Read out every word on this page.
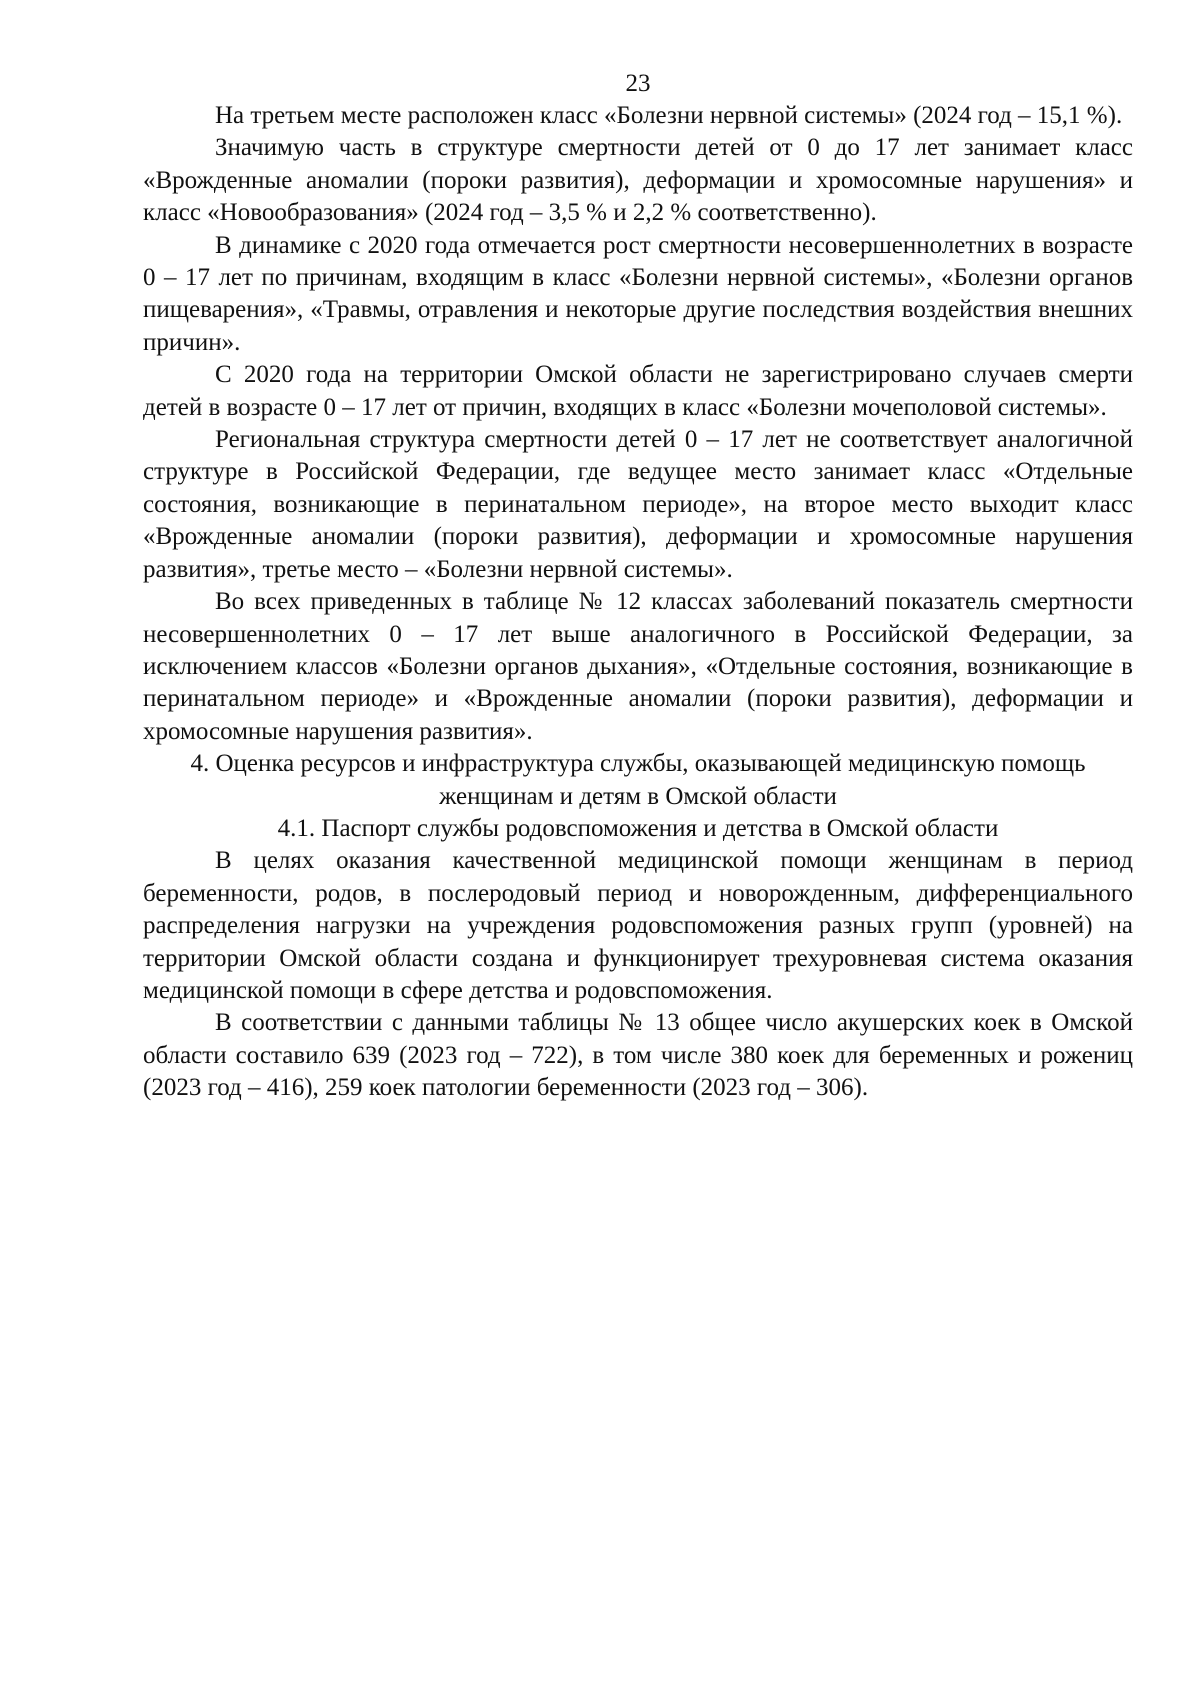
23

На третьем месте расположен класс «Болезни нервной системы» (2024 год – 15,1 %).

Значимую часть в структуре смертности детей от 0 до 17 лет занимает класс «Врожденные аномалии (пороки развития), деформации и хромосомные нарушения» и класс «Новообразования» (2024 год – 3,5 % и 2,2 % соответственно).

В динамике с 2020 года отмечается рост смертности несовершеннолетних в возрасте 0 – 17 лет по причинам, входящим в класс «Болезни нервной системы», «Болезни органов пищеварения», «Травмы, отравления и некоторые другие последствия воздействия внешних причин».

С 2020 года на территории Омской области не зарегистрировано случаев смерти детей в возрасте 0 – 17 лет от причин, входящих в класс «Болезни мочеполовой системы».

Региональная структура смертности детей 0 – 17 лет не соответствует аналогичной структуре в Российской Федерации, где ведущее место занимает класс «Отдельные состояния, возникающие в перинатальном периоде», на второе место выходит класс «Врожденные аномалии (пороки развития), деформации и хромосомные нарушения развития», третье место – «Болезни нервной системы».

Во всех приведенных в таблице № 12 классах заболеваний показатель смертности несовершеннолетних 0 – 17 лет выше аналогичного в Российской Федерации, за исключением классов «Болезни органов дыхания», «Отдельные состояния, возникающие в перинатальном периоде» и «Врожденные аномалии (пороки развития), деформации и хромосомные нарушения развития».

4. Оценка ресурсов и инфраструктура службы, оказывающей медицинскую помощь женщинам и детям в Омской области
4.1. Паспорт службы родовспоможения и детства в Омской области

В целях оказания качественной медицинской помощи женщинам в период беременности, родов, в послеродовый период и новорожденным, дифференциального распределения нагрузки на учреждения родовспоможения разных групп (уровней) на территории Омской области создана и функционирует трехуровневая система оказания медицинской помощи в сфере детства и родовспоможения.

В соответствии с данными таблицы № 13 общее число акушерских коек в Омской области составило 639 (2023 год – 722), в том числе 380 коек для беременных и рожениц (2023 год – 416), 259 коек патологии беременности (2023 год – 306).
